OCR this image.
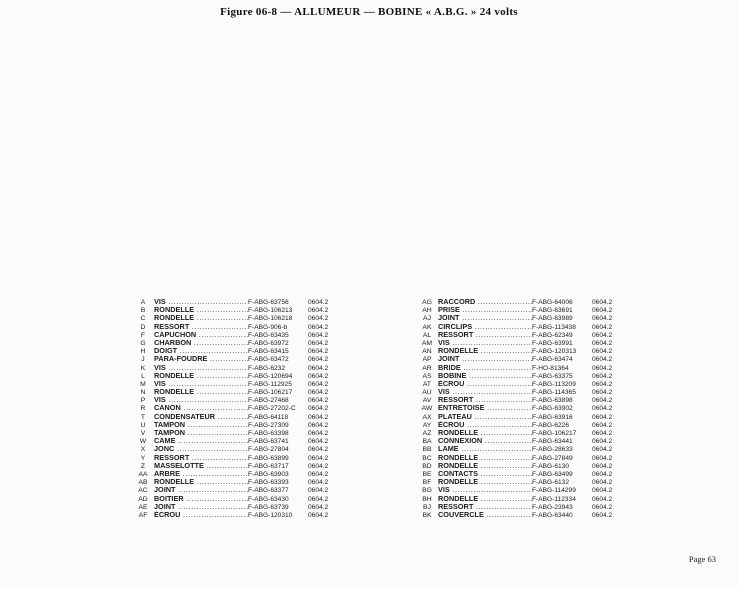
Figure 06-8 — ALLUMEUR — BOBINE « A.B.G. » 24 volts
A	VIS .....	F-ABG-63756	0604.2
B	RONDELLE .....	F-ABG-106213	0604.2
C	RONDELLE .....	F-ABG-106218	0604.2
D	RESSORT .....	F-ABG-906-b	0604.2
F	CAPUCHON .....	F-ABG-63435	0604.2
G	CHARBON .....	F-ABG-63972	0604.2
H	DOIGT .....	F-ABG-63415	0604.2
J	PARA-FOUDRE .....	F-ABG-63472	0604.2
K	VIS .....	F-ABG-6232	0604.2
L	RONDELLE .....	F-ABG-120694	0604.2
M	VIS .....	F-ABG-112925	0604.2
N	RONDELLE .....	F-ABG-106217	0604.2
P	VIS .....	F-ABG-27468	0604.2
R	CANON .....	F-ABG-27202-C	0604.2
T	CONDENSATEUR .....	F-ABG-64118	0604.2
U	TAMPON .....	F-ABG-27309	0604.2
V	TAMPON .....	F-ABG-63398	0604.2
W	CAME .....	F-ABG-63741	0604.2
X	JONC .....	F-ABG-27804	0604.2
Y	RESSORT .....	F-ABG-63899	0604.2
Z	MASSELOTTE .....	F-ABG-63717	0604.2
AA ARBRE .....	F-ABG-63903	0604.2
AB RONDELLE .....	F-ABG-63393	0604.2
AC JOINT .....	F-ABG-63377	0604.2
AD BOITIER .....	F-ABG-63430	0604.2
AE JOINT .....	F-ABG-63739	0604.2
AF ÉCROU .....	F-ABG-120310	0604.2
AG RACCORD .....	F-ABG-64006	0604.2
AH PRISE .....	F-ABG-63691	0604.2
AJ JOINT .....	F-ABG-63989	0604.2
AK CIRCLIPS .....	F-ABG-113438	0604.2
AL RESSORT .....	F-ABG-62349	0604.2
AM VIS .....	F-ABG-63991	0604.2
AN RONDELLE .....	F-ABG-120313	0604.2
AP JOINT .....	F-ABG-63474	0604.2
AR BRIDE .....	F-HO-81364	0604.2
AS BOBINE .....	F-ABG-63375	0604.2
AT ÉCROU .....	F-ABG-113209	0604.2
AU VIS .....	F-ABG-114365	0604.2
AV RESSORT .....	F-ABG-63898	0604.2
AW ENTRETOISE .....	F-ABG-63902	0604.2
AX PLATEAU .....	F-ABG-63916	0604.2
AY ÉCROU .....	F-ABG-6226	0604.2
AZ RONDELLE .....	F-ABG-106217	0604.2
BA CONNEXION .....	F-ABG-63441	0604.2
BB LAME .....	F-ABG-28633	0604.2
BC RONDELLE .....	F-ABG-27849	0604.2
BD RONDELLE .....	F-ABG-6130	0604.2
BE CONTACTS .....	F-ABG-63499	0604.2
BF RONDELLE .....	F-ABG-6132	0604.2
BG VIS .....	F-ABG-114299	0604.2
BH RONDELLE .....	F-ABG-112334	0604.2
BJ RESSORT .....	F-ABG-23943	0604.2
BK COUVERCLE .....	F-ABG-63440	0604.2
Page 63
